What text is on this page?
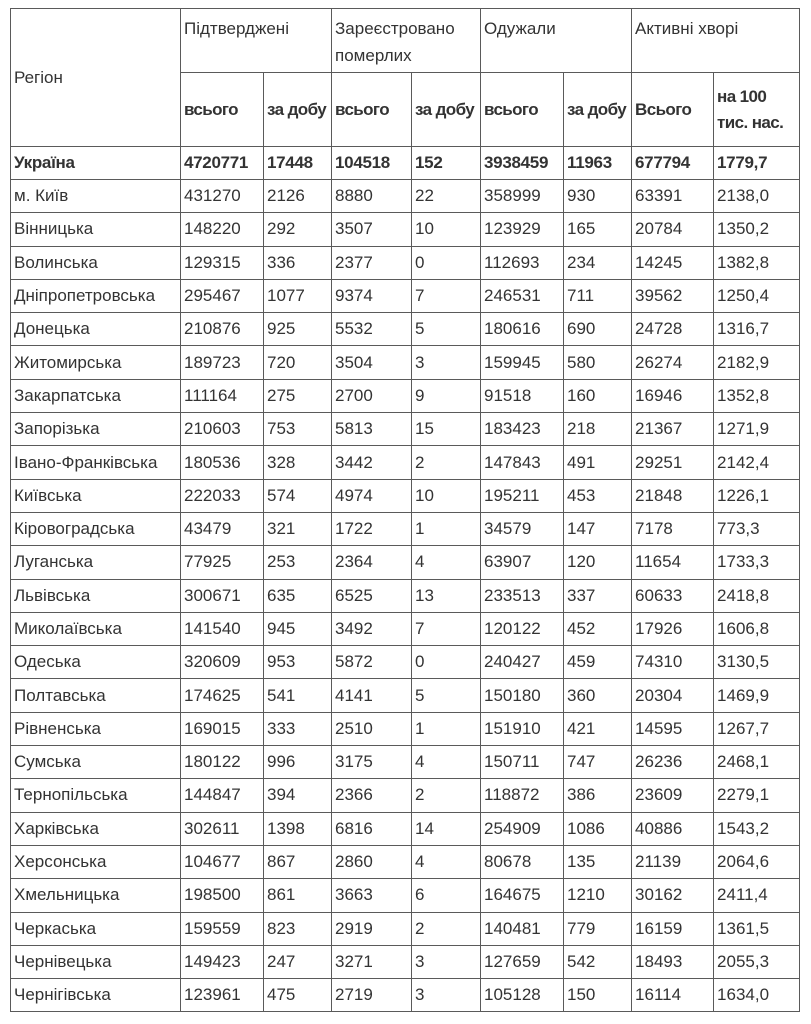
Регіон	Підтверджені		Зареєстровано померлих		Одужали		Активні хворі	
	всього	за добу	всього	за добу	всього	за добу	Всього	на 100 тис. нас.
Україна	4720771	17448	104518	152	3938459	11963	677794	1779,7
м. Київ	431270	2126	8880	22	358999	930	63391	2138,0
Вінницька	148220	292	3507	10	123929	165	20784	1350,2
Волинська	129315	336	2377	0	112693	234	14245	1382,8
Дніпропетровська	295467	1077	9374	7	246531	711	39562	1250,4
Донецька	210876	925	5532	5	180616	690	24728	1316,7
Житомирська	189723	720	3504	3	159945	580	26274	2182,9
Закарпатська	111164	275	2700	9	91518	160	16946	1352,8
Запорізька	210603	753	5813	15	183423	218	21367	1271,9
Івано-Франківська	180536	328	3442	2	147843	491	29251	2142,4
Київська	222033	574	4974	10	195211	453	21848	1226,1
Кіровоградська	43479	321	1722	1	34579	147	7178	773,3
Луганська	77925	253	2364	4	63907	120	11654	1733,3
Львівська	300671	635	6525	13	233513	337	60633	2418,8
Миколаївська	141540	945	3492	7	120122	452	17926	1606,8
Одеська	320609	953	5872	0	240427	459	74310	3130,5
Полтавська	174625	541	4141	5	150180	360	20304	1469,9
Рівненська	169015	333	2510	1	151910	421	14595	1267,7
Сумська	180122	996	3175	4	150711	747	26236	2468,1
Тернопільська	144847	394	2366	2	118872	386	23609	2279,1
Харківська	302611	1398	6816	14	254909	1086	40886	1543,2
Херсонська	104677	867	2860	4	80678	135	21139	2064,6
Хмельницька	198500	861	3663	6	164675	1210	30162	2411,4
Черкаська	159559	823	2919	2	140481	779	16159	1361,5
Чернівецька	149423	247	3271	3	127659	542	18493	2055,3
Чернігівська	123961	475	2719	3	105128	150	16114	1634,0
